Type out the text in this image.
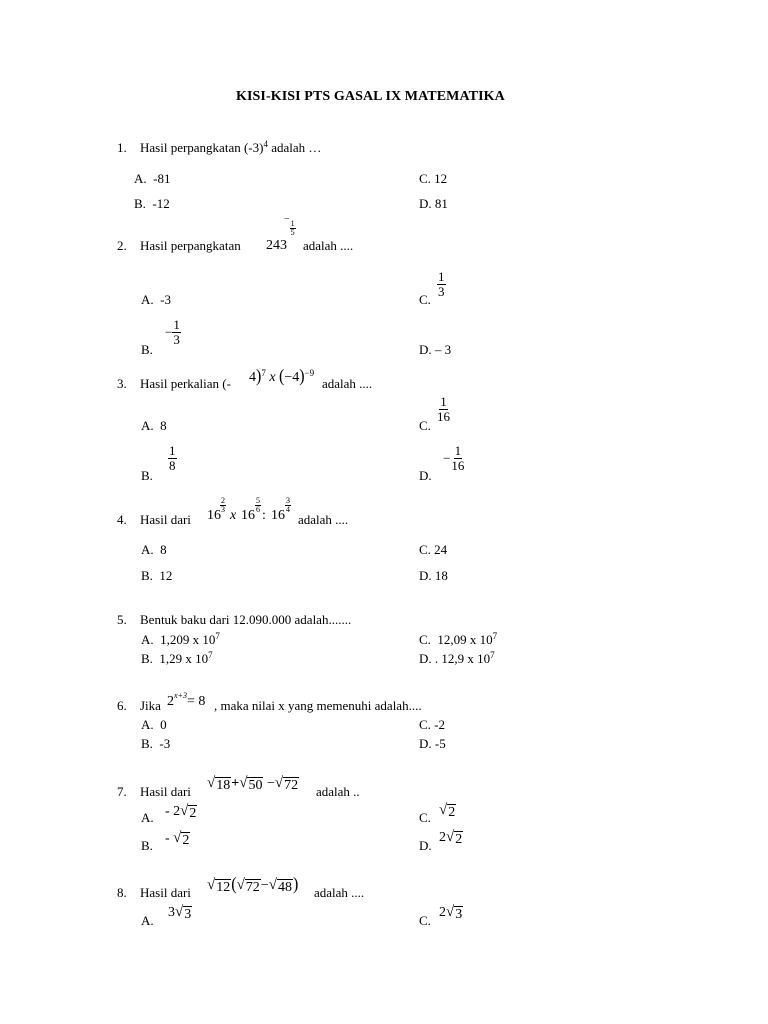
KISI-KISI PTS GASAL IX MATEMATIKA
1. Hasil perpangkatan $(-3)^4$ adalah …
A. -81
B. -12
C. 12
D. 81
2. Hasil perpangkatan 243
−
$\frac{1}{5}$
adalah ....
A. -3
B.
− $\frac{1}{3}$
C.
$\frac{1}{3}$
D. – 3
3. Hasil perkalian (- 4)$^7$ x $(-4)^{-9}$
adalah ....
A. 8
B.
$\frac{1}{8}$
C.
$\frac{1}{16}$
D.
− $\frac{1}{16}$
4. Hasil dari 16
$\frac{2}{3}$
x 16
$\frac{5}{6}$
: 16
$\frac{3}{4}$
adalah ....
A. 8
B. 12
C. 24
D. 18
5. Bentuk baku dari 12.090.000 adalah.......
A. 1,209 x $10^7$
B. 1,29 x $10^7$
C. 12,09 x $10^7$
D. . 12,9 x $10^7$
6. Jika $2^{x+3}= 8$ , maka nilai x yang memenuhi adalah....
A. 0
B. -3
C. -2
D. -5
7. Hasil dari
√ 18 + √ 50 − √ 72 adalah ..
A. - 2 √ 2
B. - √ 2
C. √ 2
D.
2 √ 2
8. Hasil dari √ 12 ( √ 72 − √ 48 ) adalah ....
A.
3 √ 3	C.
2 √ 3
